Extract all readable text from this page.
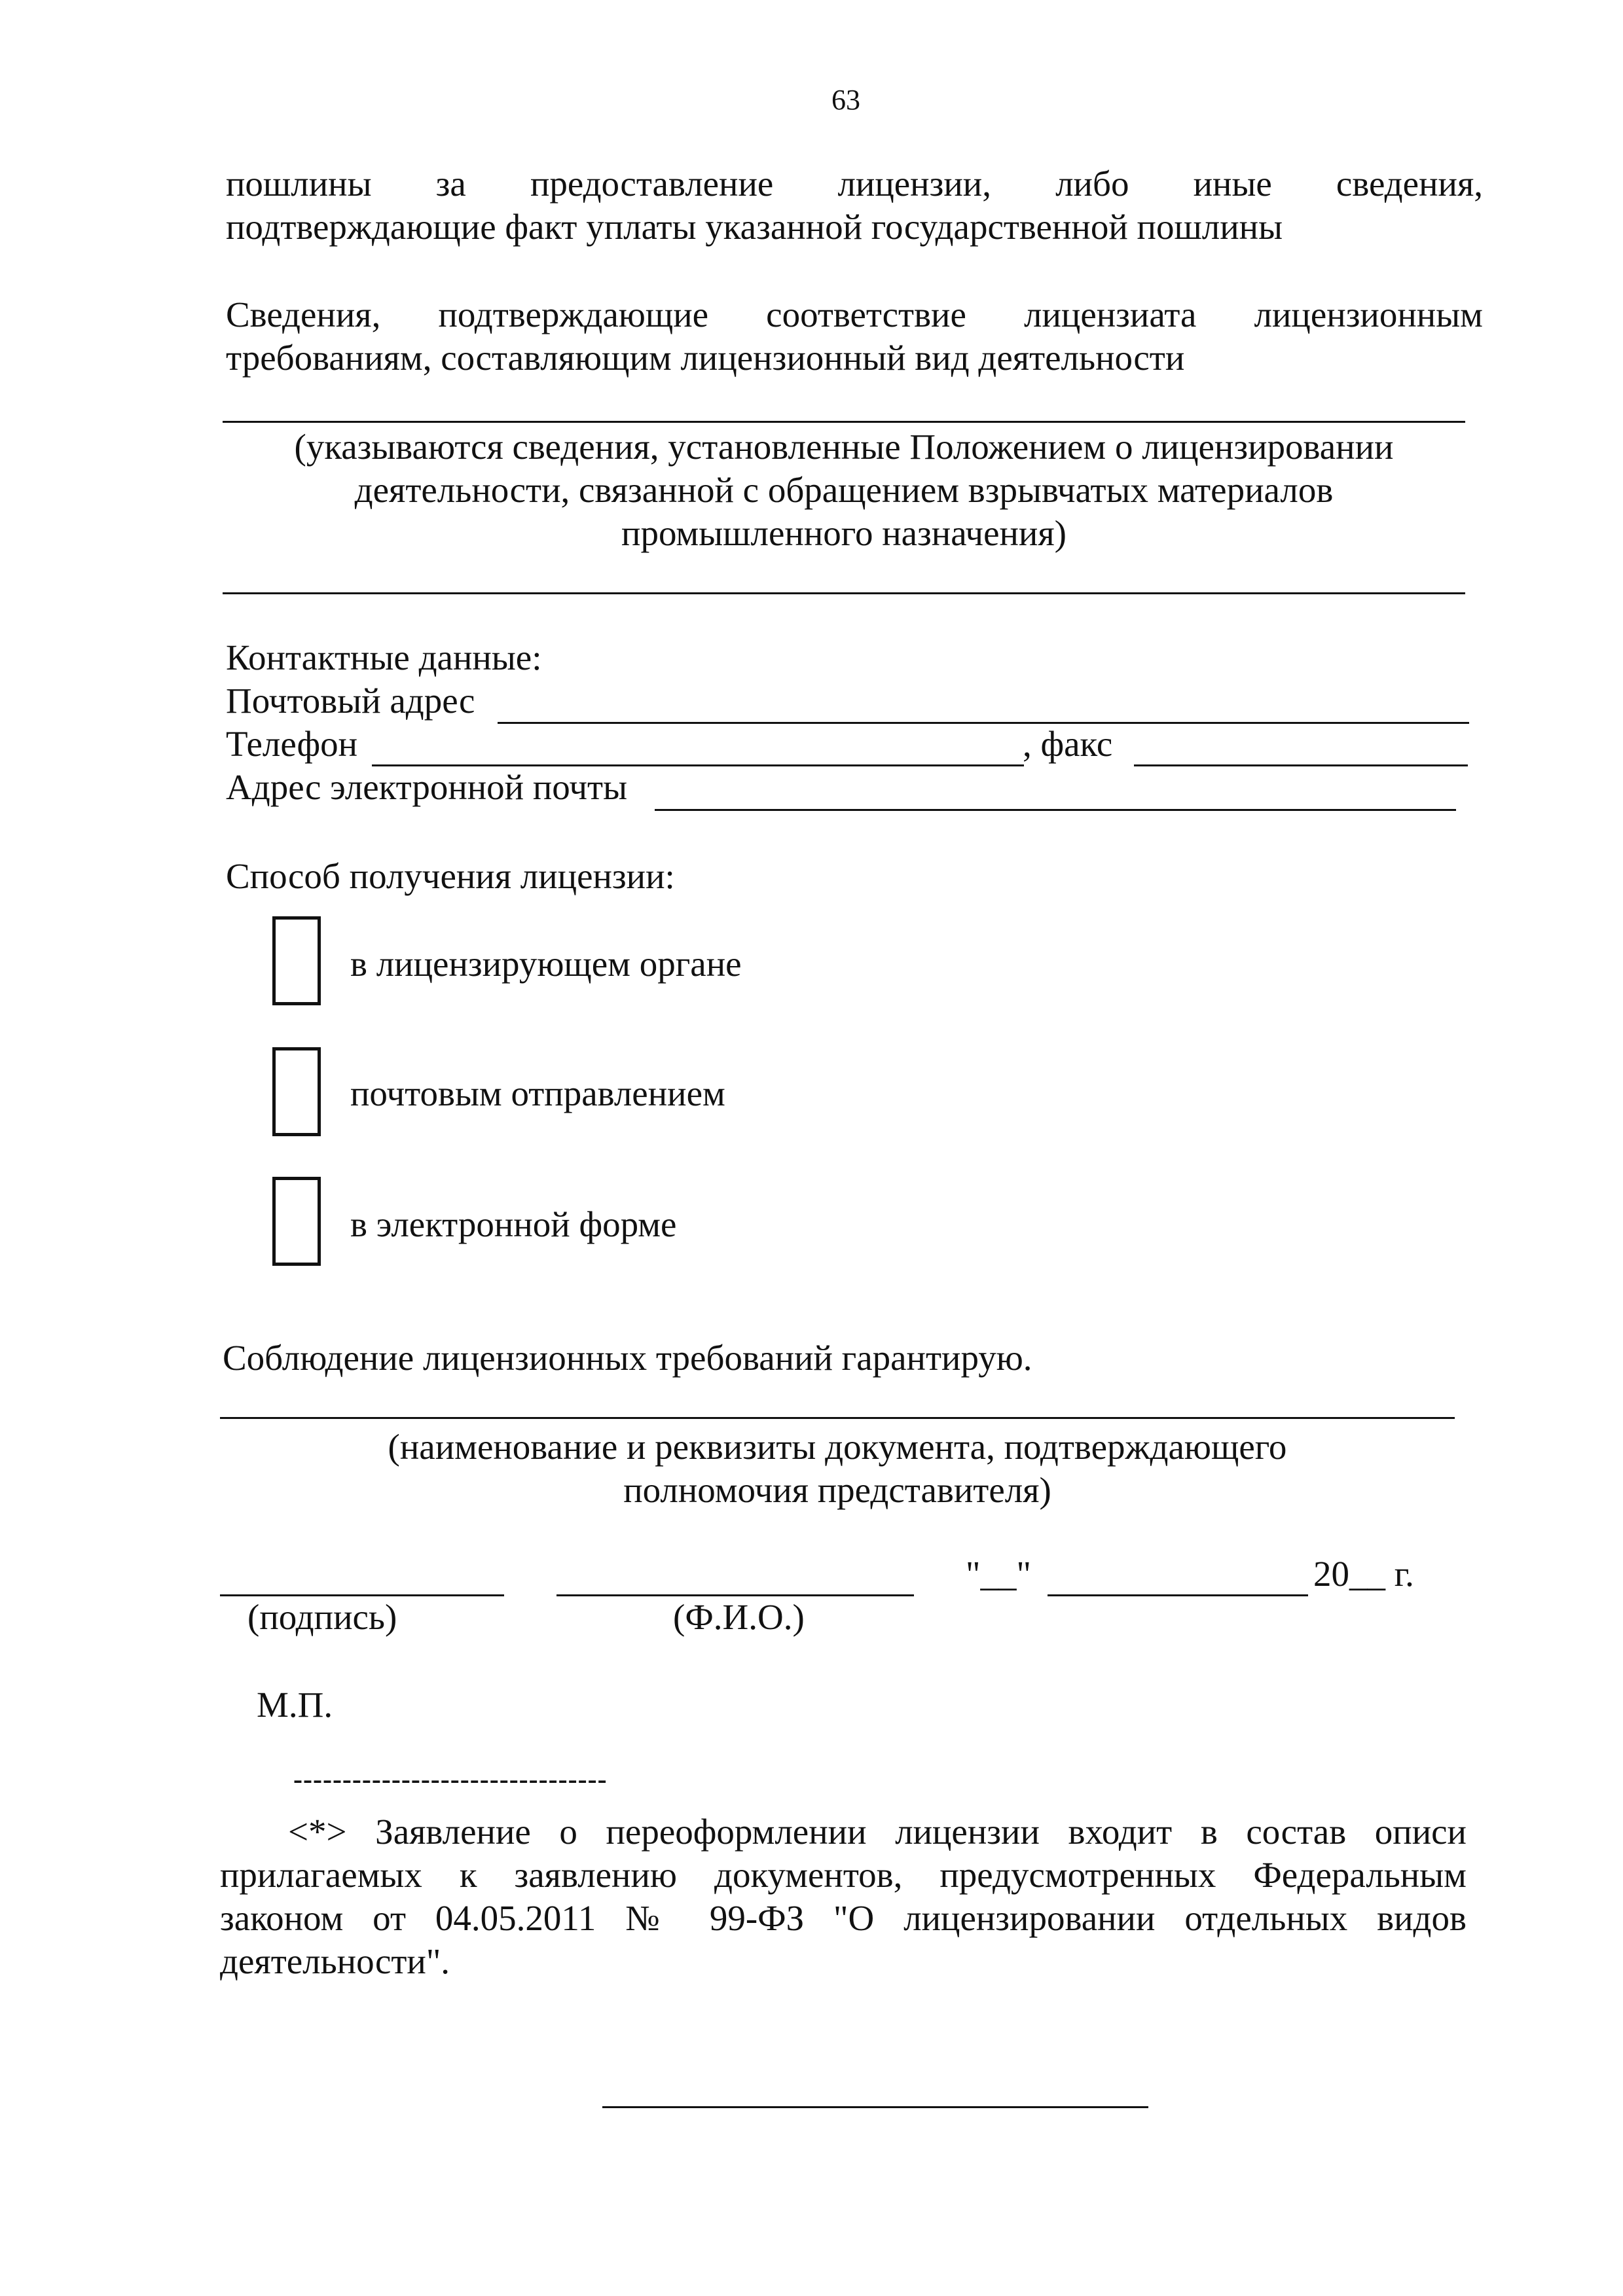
63
пошлины за предоставление лицензии, либо иные сведения,
подтверждающие факт уплаты указанной государственной пошлины
Сведения, подтверждающие соответствие лицензиата лицензионным
требованиям, составляющим лицензионный вид деятельности
(указываются сведения, установленные Положением о лицензировании
деятельности, связанной с обращением взрывчатых материалов
промышленного назначения)
Контактные данные:
Почтовый адрес
Телефон	, факс
Адрес электронной почты
Способ получения лицензии:
в лицензирующем органе
почтовым отправлением
в электронной форме
Соблюдение лицензионных требований гарантирую.
(наименование и реквизиты документа, подтверждающего
полномочия представителя)
"__"	20__ г.
(подпись)	(Ф.И.О.)
М.П.
--------------------------------
<*> Заявление о переоформлении лицензии входит в состав описи
прилагаемых к заявлению документов, предусмотренных Федеральным
законом от 04.05.2011 № 99-ФЗ "О лицензировании отдельных видов
деятельности".
